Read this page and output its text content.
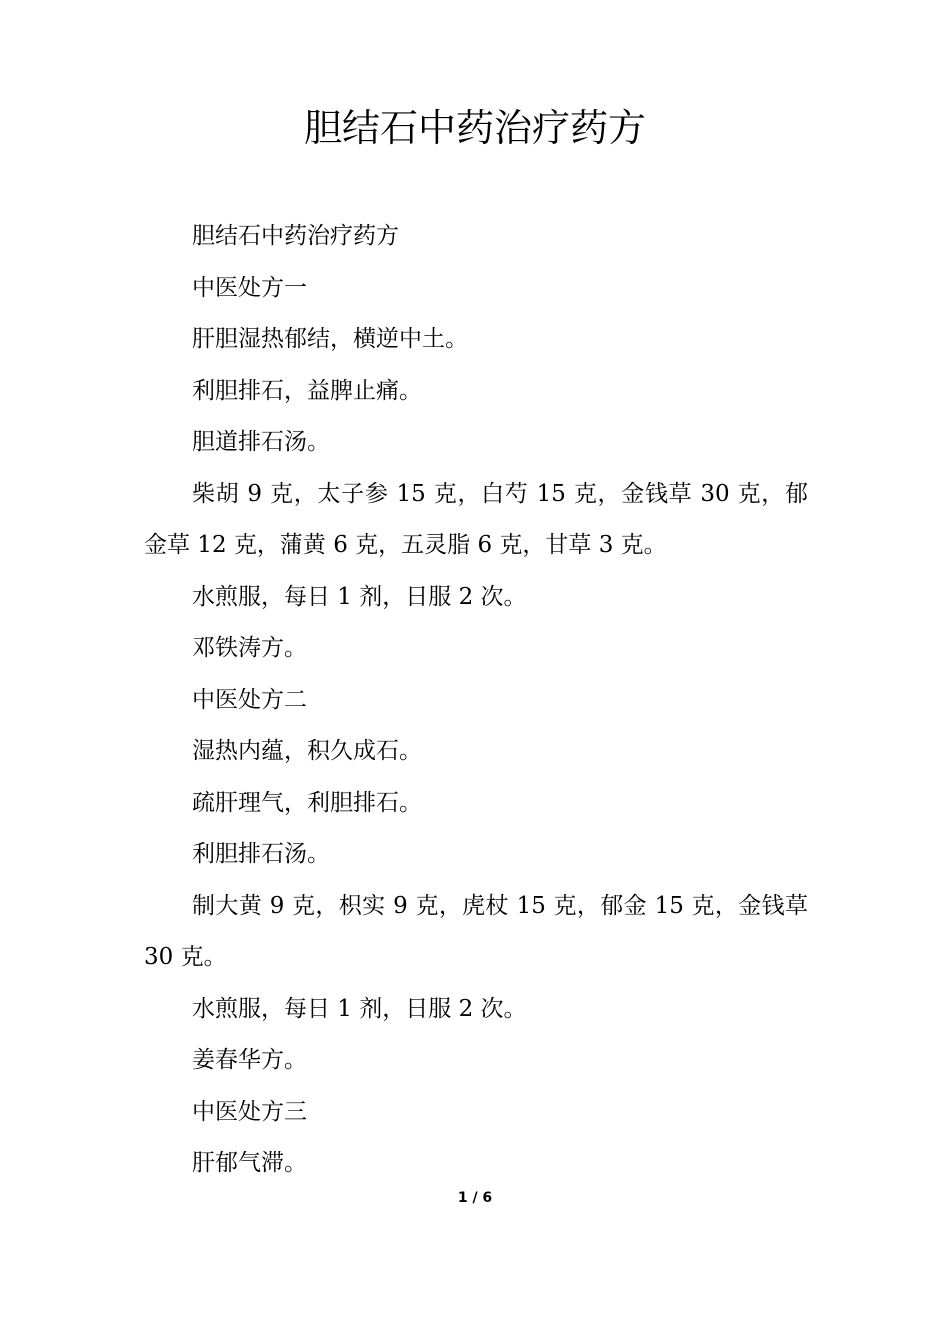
胆结石中药治疗药方

胆结石中药治疗药方

中医处方一

肝胆湿热郁结，横逆中土。

利胆排石，益脾止痛。

胆道排石汤。

柴胡 9 克，太子参 15 克，白芍 15 克，金钱草 30 克，郁金草 12 克，蒲黄 6 克，五灵脂 6 克，甘草 3 克。

水煎服，每日 1 剂，日服 2 次。

邓铁涛方。

中医处方二

湿热内蕴，积久成石。

疏肝理气，利胆排石。

利胆排石汤。

制大黄 9 克，枳实 9 克，虎杖 15 克，郁金 15 克，金钱草 30 克。

水煎服，每日 1 剂，日服 2 次。

姜春华方。

中医处方三

肝郁气滞。

1 / 6
